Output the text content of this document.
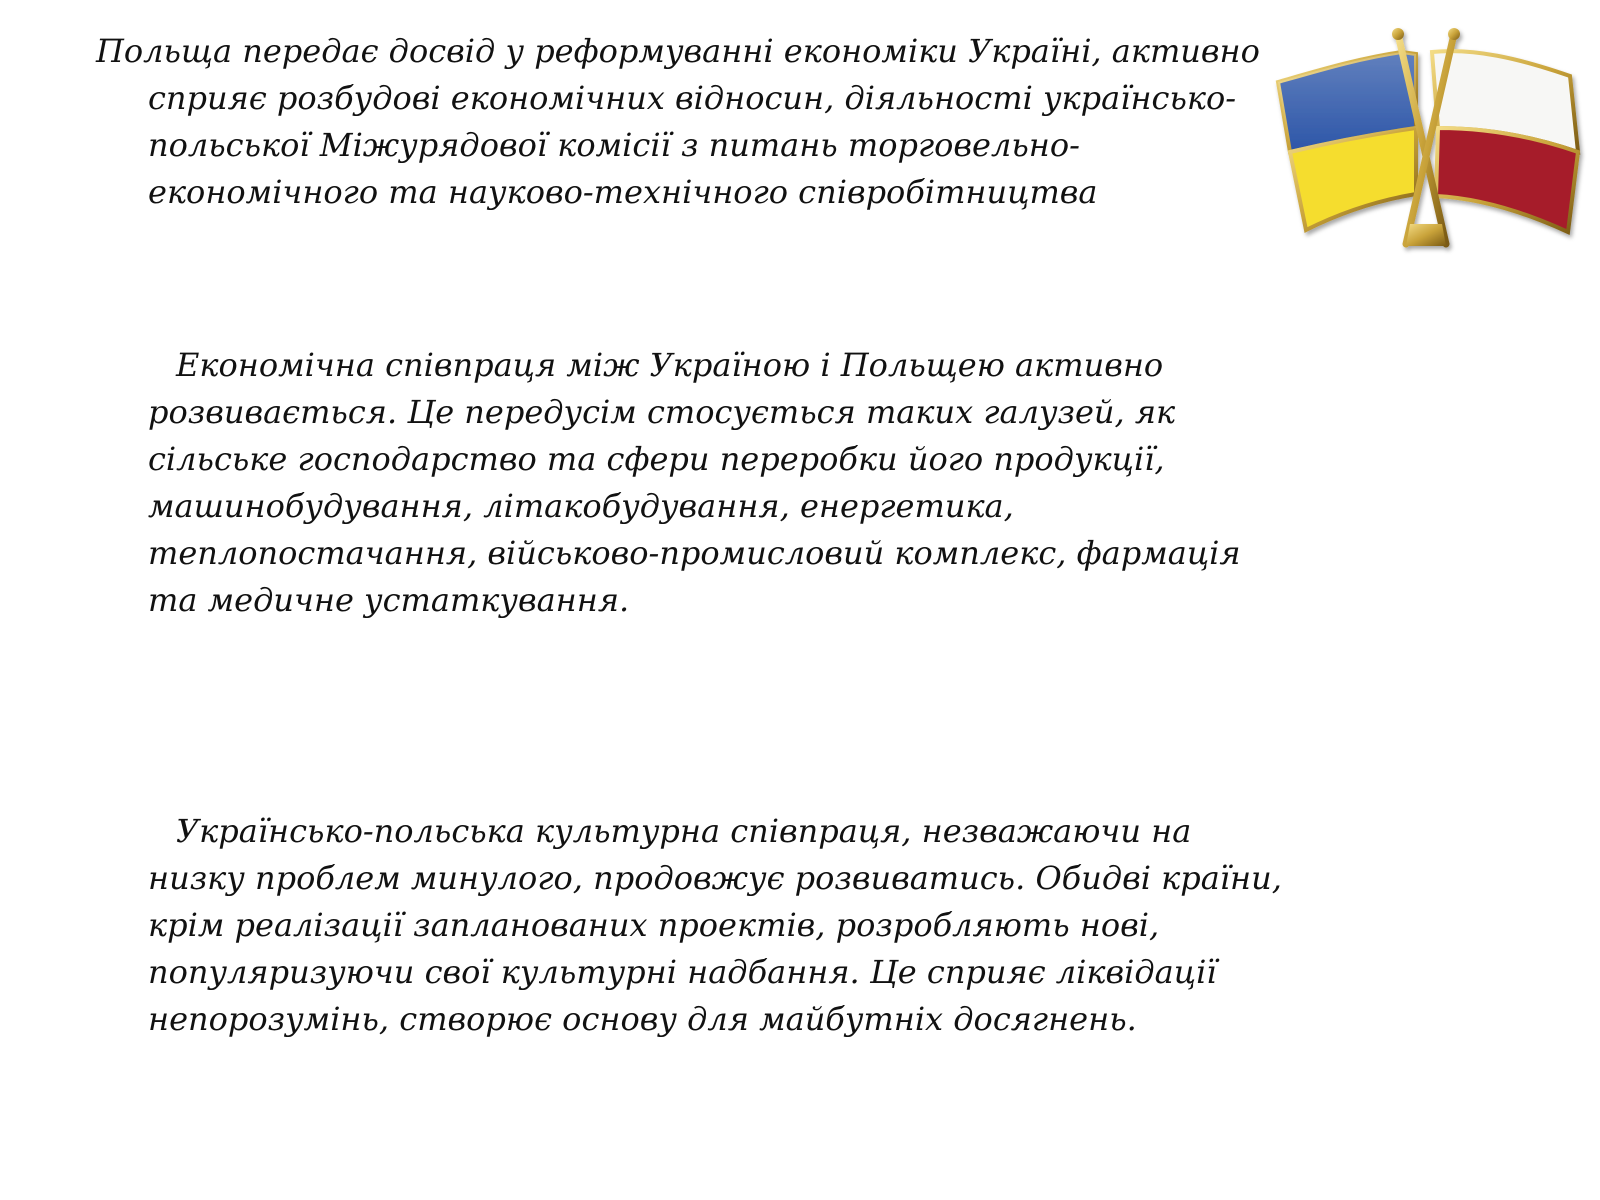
Польща передає досвід у реформуванні економіки Україні, активно
сприяє розбудові економічних відносин, діяльності українсько-
польської Міжурядової комісії з питань торговельно-
економічного та науково-технічного співробітництва

Економічна співпраця між Україною і Польщею активно
розвивається. Це передусім стосується таких галузей, як
сільське господарство та сфери переробки його продукції,
машинобудування, літакобудування, енергетика,
теплопостачання, військово-промисловий комплекс, фармація
та медичне устаткування.

Українсько-польська культурна співпраця, незважаючи на
низку проблем минулого, продовжує розвиватись. Обидві країни,
крім реалізації запланованих проектів, розробляють нові,
популяризуючи свої культурні надбання. Це сприяє ліквідації
непорозумінь, створює основу для майбутніх досягнень.
